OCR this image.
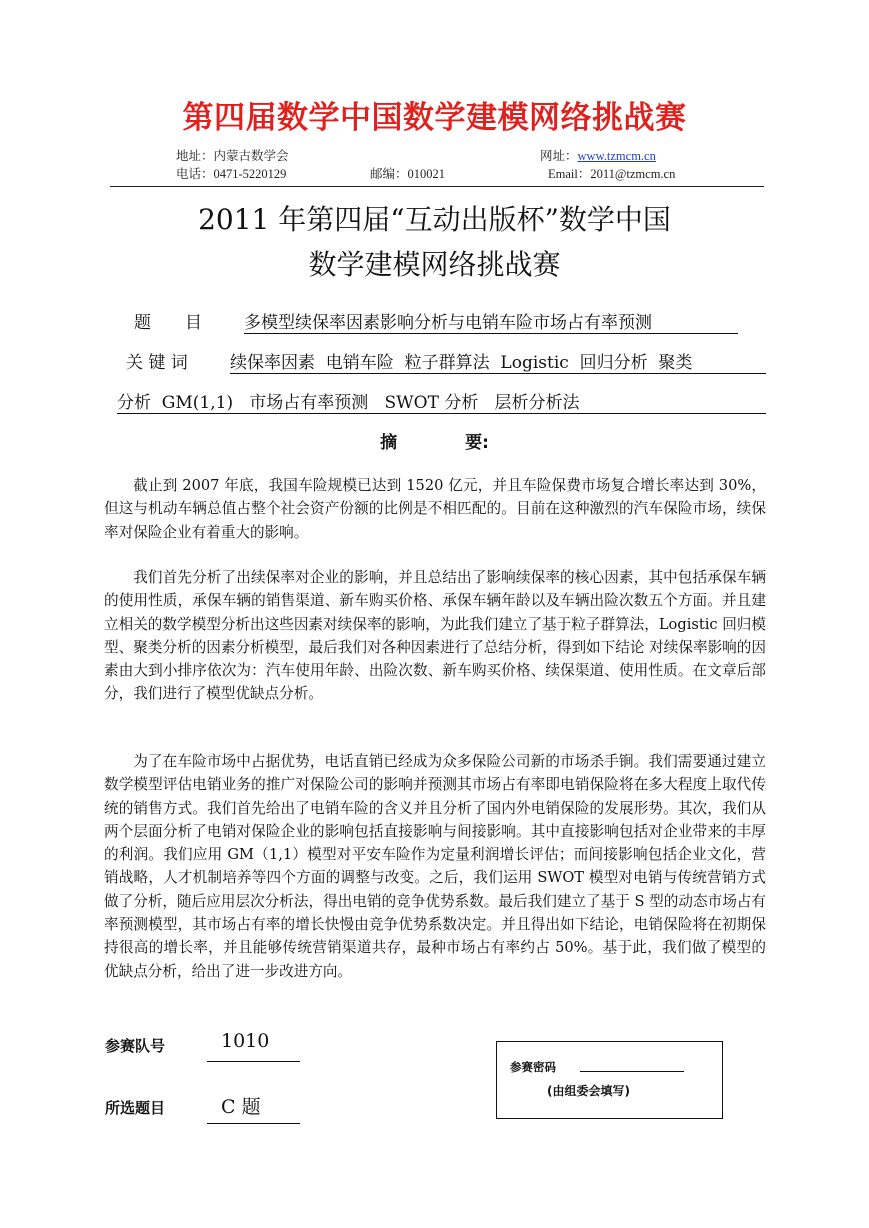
第四届数学中国数学建模网络挑战赛
地址：内蒙古数学会	网址：www.tzmcm.cn
电话：0471-5220129	邮编：010021	Email：2011@tzmcm.cn
2011 年第四届“互动出版杯”数学中国
数学建模网络挑战赛
题　　目 多模型续保率因素影响分析与电销车险市场占有率预测
关 键 词 续保率因素  电销车险  粒子群算法  Logistic  回归分析  聚类
分析  GM(1,1)   市场占有率预测   SWOT 分析   层析分析法
摘　　　　要:

截止到 2007 年底，我国车险规模已达到 1520 亿元，并且车险保费市场复合增长率达到 30%，但这与机动车辆总值占整个社会资产份额的比例是不相匹配的。目前在这种激烈的汽车保险市场，续保率对保险企业有着重大的影响。

我们首先分析了出续保率对企业的影响，并且总结出了影响续保率的核心因素，其中包括承保车辆的使用性质，承保车辆的销售渠道、新车购买价格、承保车辆年龄以及车辆出险次数五个方面。并且建立相关的数学模型分析出这些因素对续保率的影响，为此我们建立了基于粒子群算法，Logistic 回归模型、聚类分析的因素分析模型，最后我们对各种因素进行了总结分析，得到如下结论 对续保率影响的因素由大到小排序依次为：汽车使用年龄、出险次数、新车购买价格、续保渠道、使用性质。在文章后部分，我们进行了模型优缺点分析。

为了在车险市场中占据优势，电话直销已经成为众多保险公司新的市场杀手锏。我们需要通过建立数学模型评估电销业务的推广对保险公司的影响并预测其市场占有率即电销保险将在多大程度上取代传统的销售方式。我们首先给出了电销车险的含义并且分析了国内外电销保险的发展形势。其次，我们从两个层面分析了电销对保险企业的影响包括直接影响与间接影响。其中直接影响包括对企业带来的丰厚的利润。我们应用 GM（1,1）模型对平安车险作为定量利润增长评估；而间接影响包括企业文化，营销战略，人才机制培养等四个方面的调整与改变。之后，我们运用 SWOT 模型对电销与传统营销方式做了分析，随后应用层次分析法，得出电销的竞争优势系数。最后我们建立了基于 S 型的动态市场占有率预测模型，其市场占有率的增长快慢由竞争优势系数决定。并且得出如下结论，电销保险将在初期保持很高的增长率，并且能够传统营销渠道共存，最种市场占有率约占 50%。基于此，我们做了模型的优缺点分析，给出了进一步改进方向。

参赛队号	1010
所选题目	C 题
参赛密码
(由组委会填写)
